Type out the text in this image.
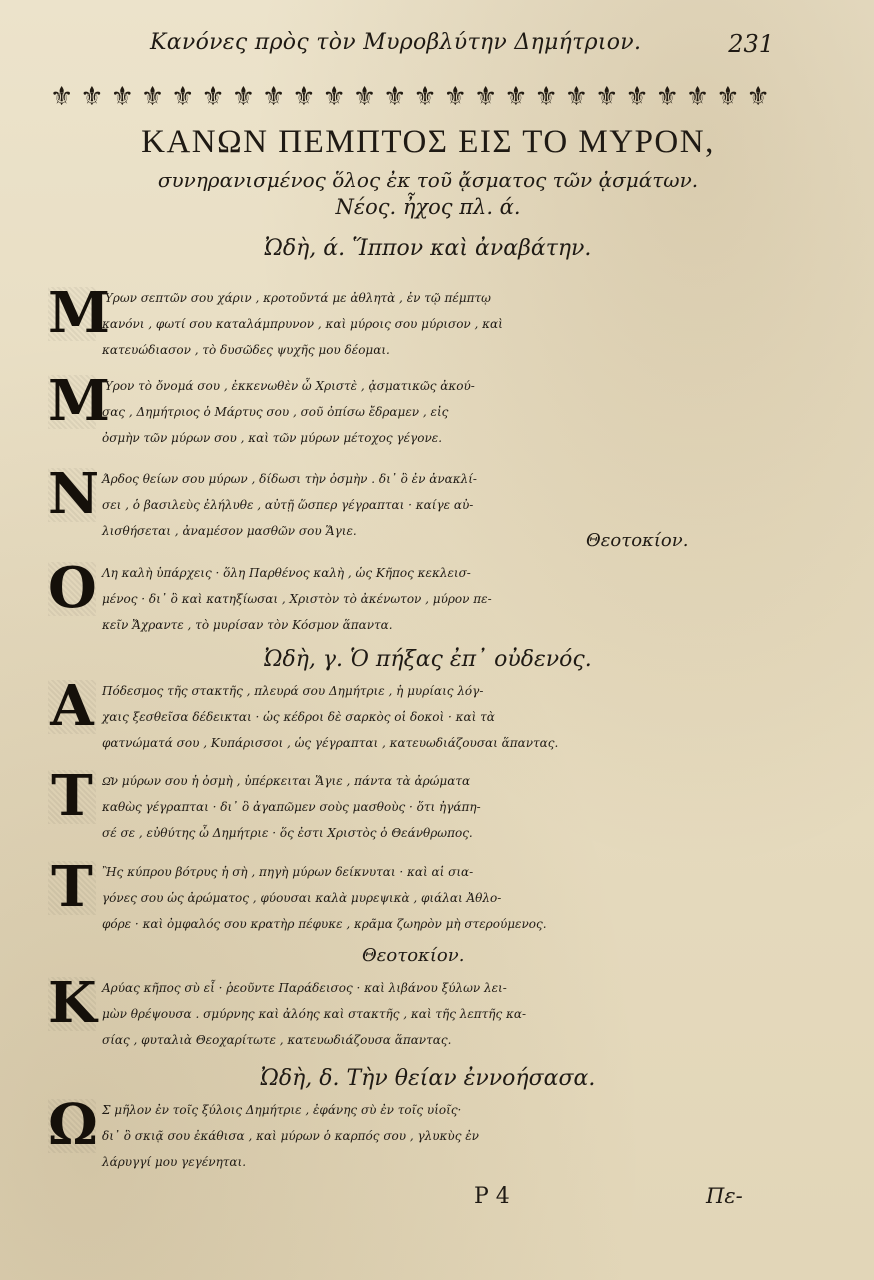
Κανόνες πρὸς τὸν Μυροβλύτην Δημήτριον.	231
⚜ ⚜ ⚜ ⚜ ⚜ ⚜ ⚜ ⚜ ⚜ ⚜ ⚜ ⚜ ⚜ ⚜ ⚜ ⚜ ⚜ ⚜ ⚜ ⚜ ⚜ ⚜ ⚜ ⚜
ΚΑΝΩΝ ΠΕΜΠΤΟΣ ΕΙΣ ΤΟ ΜΥΡΟΝ,
συνηρανισμένος ὅλος ἐκ τοῦ ᾄσματος τῶν ᾀσμάτων.
Νέος. ἦχος πλ. ά.
Ὠδὴ, ά. Ἵππον καὶ ἀναβάτην.
Μ
Ύρων σεπτῶν σου χάριν , κροτοῦντά με ἀθλητὰ , ἐν τῷ πέμπτῳ
κανόνι , φωτί σου καταλάμπρυνον , καὶ μύροις σου μύρισον , καὶ
κατευώδιασον , τὸ δυσῶδες ψυχῆς μου δέομαι.
Μ
Ύρον τὸ ὄνομά σου , ἐκκενωθὲν ὦ Χριστὲ , ᾀσματικῶς ἀκού-
σας , Δημήτριος ὁ Μάρτυς σου , σοῦ ὀπίσω ἔδραμεν , εἰς
ὀσμὴν τῶν μύρων σου , καὶ τῶν μύρων μέτοχος γέγονε.
Ν Άρδος θείων σου μύρων , δίδωσι τὴν ὀσμὴν . δι᾽ ὃ ἐν ἀνακλί-
σει , ὁ βασιλεὺς ἐλήλυθε , αὐτῇ ὥσπερ γέγραπται · καίγε αὐ-
λισθήσεται , ἀναμέσον μασθῶν σου Ἅγιε.	Θεοτοκίον.
Ο Λη καλὴ ὑπάρχεις · ὅλη Παρθένος καλὴ , ὡς Κῆπος κεκλεισ-
μένος · δι᾽ ὃ καὶ κατηξίωσαι , Χριστὸν τὸ ἀκένωτον , μύρον πε-
κεῖν Ἄχραντε , τὸ μυρίσαν τὸν Κόσμον ἅπαντα.
Ὠδὴ, γ. Ὁ πήξας ἐπ᾽ οὐδενός.
Α Πόδεσμος τῆς στακτῆς , πλευρά σου Δημήτριε , ἡ μυρίαις λόγ-
χαις ξεσθεῖσα δέδεικται · ὡς κέδροι δὲ σαρκὸς οἱ δοκοὶ · καὶ τὰ
φατνώματά σου , Κυπάρισσοι , ὡς γέγραπται , κατευωδιάζουσαι ἅπαντας.
Τ Ω͂ν μύρων σου ἡ ὀσμὴ , ὑπέρκειται Ἅγιε , πάντα τὰ ἀρώματα
καθὼς γέγραπται · δι᾽ ὃ ἀγαπῶμεν σοὺς μασθοὺς · ὅτι ἠγάπη-
σέ σε , εὐθύτης ὦ Δημήτριε · ὅς ἐστι Χριστὸς ὁ Θεάνθρωπος.
Τ Ἢς κύπρου βότρυς ἡ σὴ , πηγὴ μύρων δείκνυται · καὶ αἱ σια-
γόνες σου ὡς ἀρώματος , φύουσαι καλὰ μυρεψικὰ , φιάλαι Ἀθλο-
φόρε · καὶ ὀμφαλός σου κρατὴρ πέφυκε , κρᾶμα ζωηρὸν μὴ στερούμενος.
Θεοτοκίον.
Κ Αρύας κῆπος σὺ εἶ · ῥεοῦντε Παράδεισος · καὶ λιβάνου ξύλων λει-
μὼν θρέψουσα . σμύρνης καὶ ἀλόης καὶ στακτῆς , καὶ τῆς λεπτῆς κα-
σίας , φυταλιὰ Θεοχαρίτωτε , κατευωδιάζουσα ἅπαντας.
Ὠδὴ, δ. Τὴν θείαν ἐννοήσασα.
Ω Σ μῆλον ἐν τοῖς ξύλοις Δημήτριε , ἐφάνης σὺ ἐν τοῖς υἱοῖς·
δι᾽ ὃ σκιᾷ σου ἐκάθισα , καὶ μύρων ὁ καρπός σου , γλυκὺς ἐν
λάρυγγί μου γεγένηται.
Ρ 4	Πε-
